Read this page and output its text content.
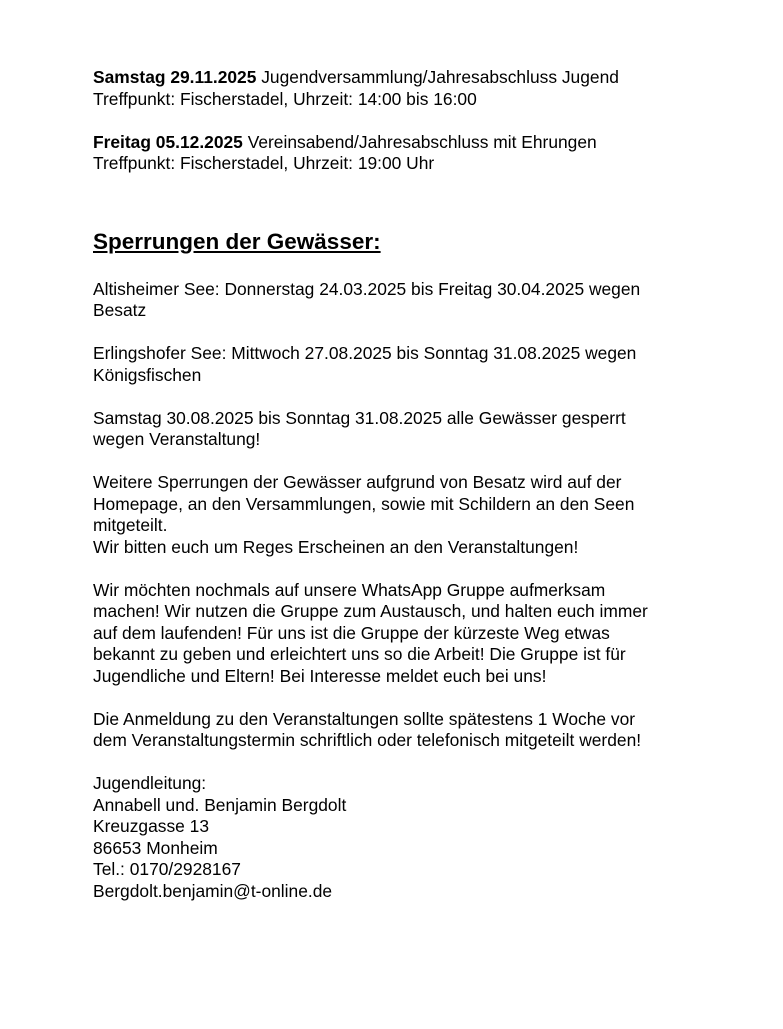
Samstag 29.11.2025 Jugendversammlung/Jahresabschluss Jugend
Treffpunkt: Fischerstadel, Uhrzeit: 14:00 bis 16:00
Freitag 05.12.2025 Vereinsabend/Jahresabschluss mit Ehrungen
Treffpunkt: Fischerstadel, Uhrzeit: 19:00 Uhr
Sperrungen der Gewässer:
Altisheimer See: Donnerstag 24.03.2025 bis Freitag 30.04.2025 wegen
Besatz
Erlingshofer See: Mittwoch 27.08.2025 bis Sonntag 31.08.2025 wegen
Königsfischen
Samstag 30.08.2025 bis Sonntag 31.08.2025 alle Gewässer gesperrt
wegen Veranstaltung!
Weitere Sperrungen der Gewässer aufgrund von Besatz wird auf der
Homepage, an den Versammlungen, sowie mit Schildern an den Seen
mitgeteilt.
Wir bitten euch um Reges Erscheinen an den Veranstaltungen!
Wir möchten nochmals auf unsere WhatsApp Gruppe aufmerksam
machen! Wir nutzen die Gruppe zum Austausch, und halten euch immer
auf dem laufenden! Für uns ist die Gruppe der kürzeste Weg etwas
bekannt zu geben und erleichtert uns so die Arbeit! Die Gruppe ist für
Jugendliche und Eltern! Bei Interesse meldet euch bei uns!
Die Anmeldung zu den Veranstaltungen sollte spätestens 1 Woche vor
dem Veranstaltungstermin schriftlich oder telefonisch mitgeteilt werden!
Jugendleitung:
Annabell und. Benjamin Bergdolt
Kreuzgasse 13
86653 Monheim
Tel.: 0170/2928167
Bergdolt.benjamin@t-online.de
